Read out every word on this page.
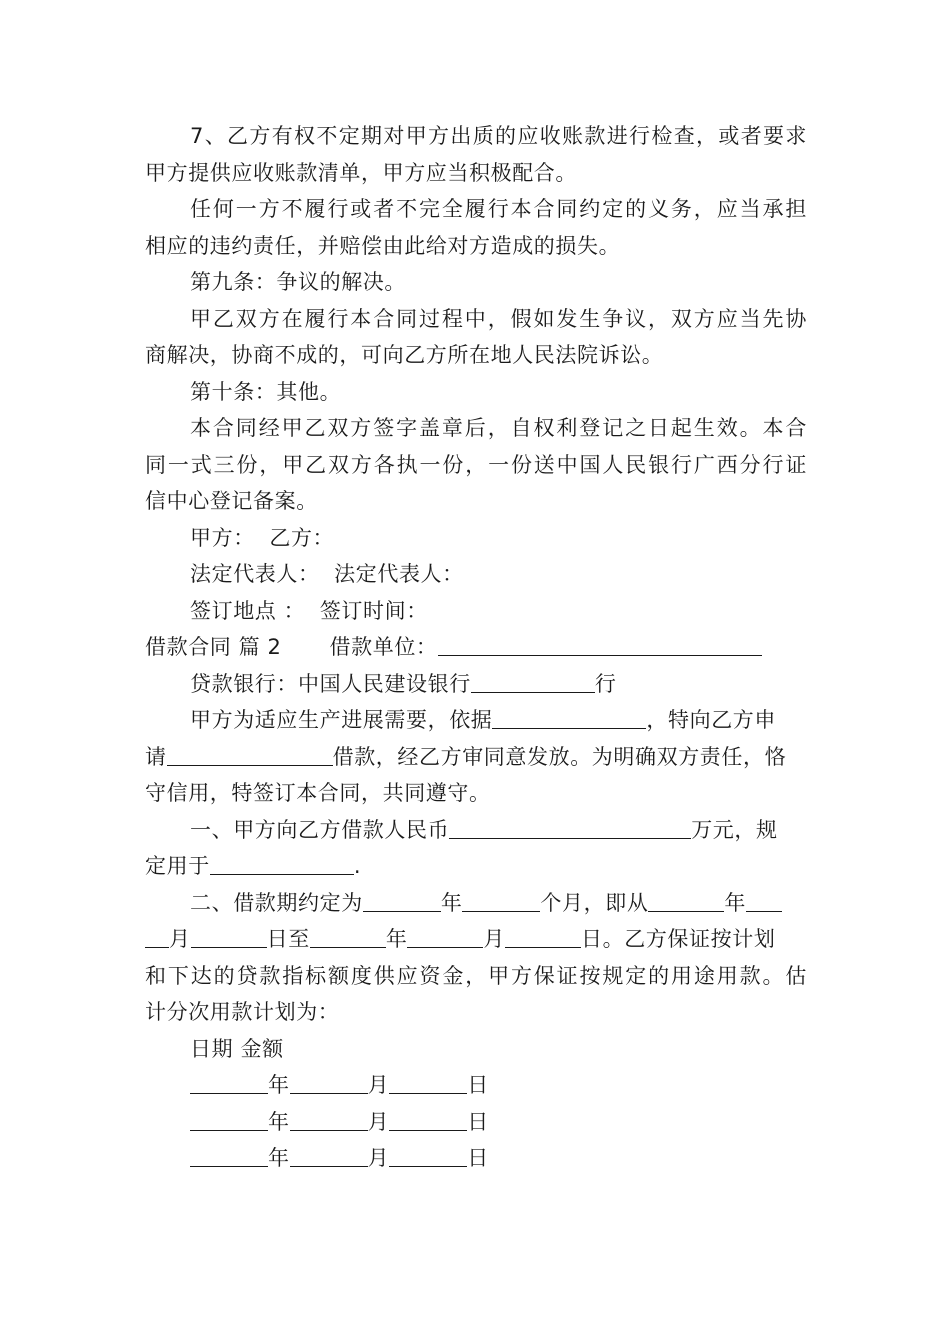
7、乙方有权不定期对甲方出质的应收账款进行检查，或者要求
甲方提供应收账款清单，甲方应当积极配合。
任何一方不履行或者不完全履行本合同约定的义务，应当承担
相应的违约责任，并赔偿由此给对方造成的损失。
第九条：争议的解决。
甲乙双方在履行本合同过程中，假如发生争议，双方应当先协
商解决，协商不成的，可向乙方所在地人民法院诉讼。
第十条：其他。
本合同经甲乙双方签字盖章后，自权利登记之日起生效。本合
同一式三份，甲乙双方各执一份，一份送中国人民银行广西分行证
信中心登记备案。
甲方：  乙方：
法定代表人：  法定代表人：
签订地点 ：  签订时间：
借款合同 篇 2 借款单位：
贷款银行：中国人民建设银行	行
甲方为适应生产进展需要，依据	，特向乙方申
请	借款，经乙方审同意发放。为明确双方责任，恪
守信用，特签订本合同，共同遵守。
一、甲方向乙方借款人民币	万元，规
定用于	.
二、借款期约定为	年	个月，即从	年
月	日至	年	月	日。乙方保证按计划
和下达的贷款指标额度供应资金，甲方保证按规定的用途用款。估
计分次用款计划为：
日期 金额
年	月	日
年	月	日
年	月	日
